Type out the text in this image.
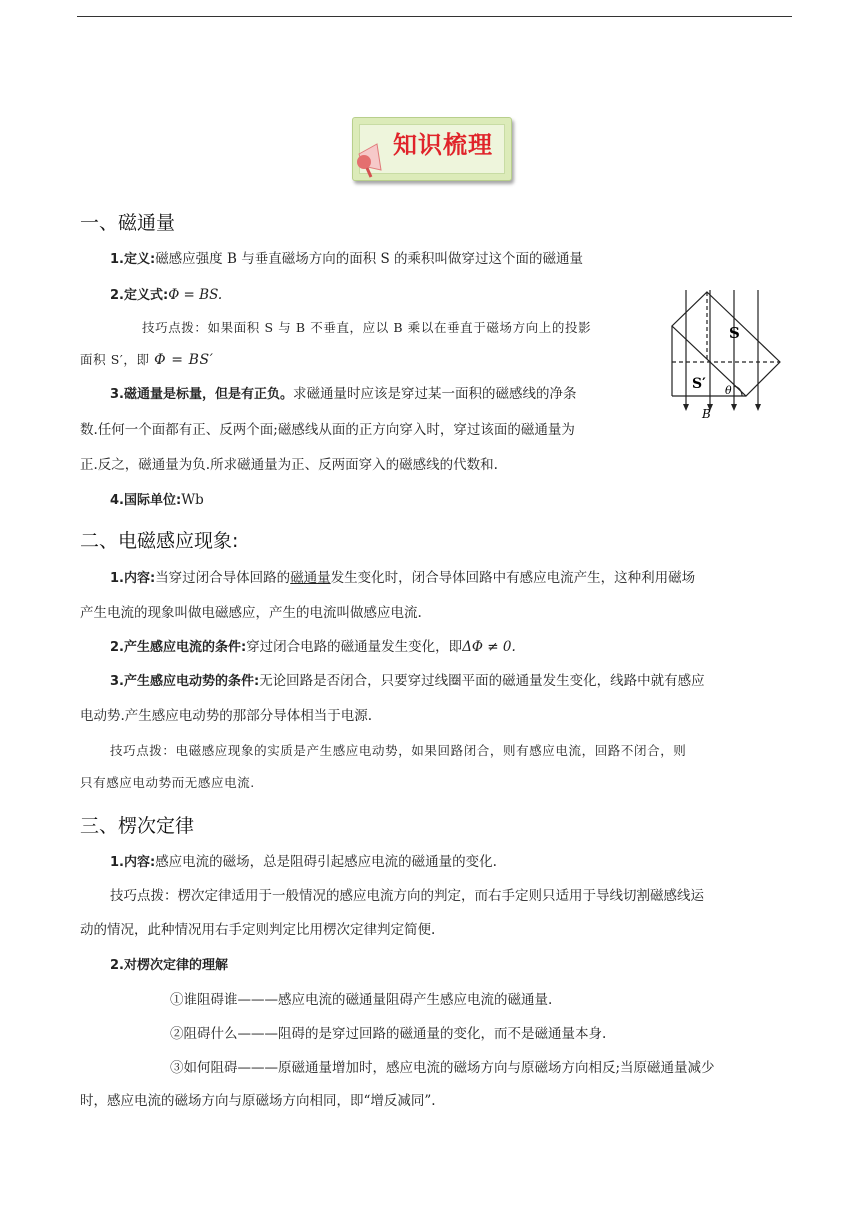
知识梳理
一、磁通量
1.定义:磁感应强度 B 与垂直磁场方向的面积 S 的乘积叫做穿过这个面的磁通量
2.定义式:Φ = BS.
技巧点拨：如果面积 S 与 B 不垂直，应以 B 乘以在垂直于磁场方向上的投影
面积 S′，即 Φ = BS′
3.磁通量是标量，但是有正负。求磁通量时应该是穿过某一面积的磁感线的净条
数.任何一个面都有正、反两个面;磁感线从面的正方向穿入时，穿过该面的磁通量为
正.反之，磁通量为负.所求磁通量为正、反两面穿入的磁感线的代数和.
4.国际单位:Wb
S
S′ θ
B
二、电磁感应现象:
1.内容:当穿过闭合导体回路的磁通量发生变化时，闭合导体回路中有感应电流产生，这种利用磁场
产生电流的现象叫做电磁感应，产生的电流叫做感应电流.
2.产生感应电流的条件:穿过闭合电路的磁通量发生变化，即ΔΦ ≠ 0.
3.产生感应电动势的条件:无论回路是否闭合，只要穿过线圈平面的磁通量发生变化，线路中就有感应
电动势.产生感应电动势的那部分导体相当于电源.
技巧点拨：电磁感应现象的实质是产生感应电动势，如果回路闭合，则有感应电流，回路不闭合，则
只有感应电动势而无感应电流.
三、楞次定律
1.内容:感应电流的磁场，总是阻碍引起感应电流的磁通量的变化.
技巧点拨：楞次定律适用于一般情况的感应电流方向的判定，而右手定则只适用于导线切割磁感线运
动的情况，此种情况用右手定则判定比用楞次定律判定简便.
2.对楞次定律的理解
①谁阻碍谁———感应电流的磁通量阻碍产生感应电流的磁通量.
②阻碍什么———阻碍的是穿过回路的磁通量的变化，而不是磁通量本身.
③如何阻碍———原磁通量增加时，感应电流的磁场方向与原磁场方向相反;当原磁通量减少
时，感应电流的磁场方向与原磁场方向相同，即“增反减同”.
